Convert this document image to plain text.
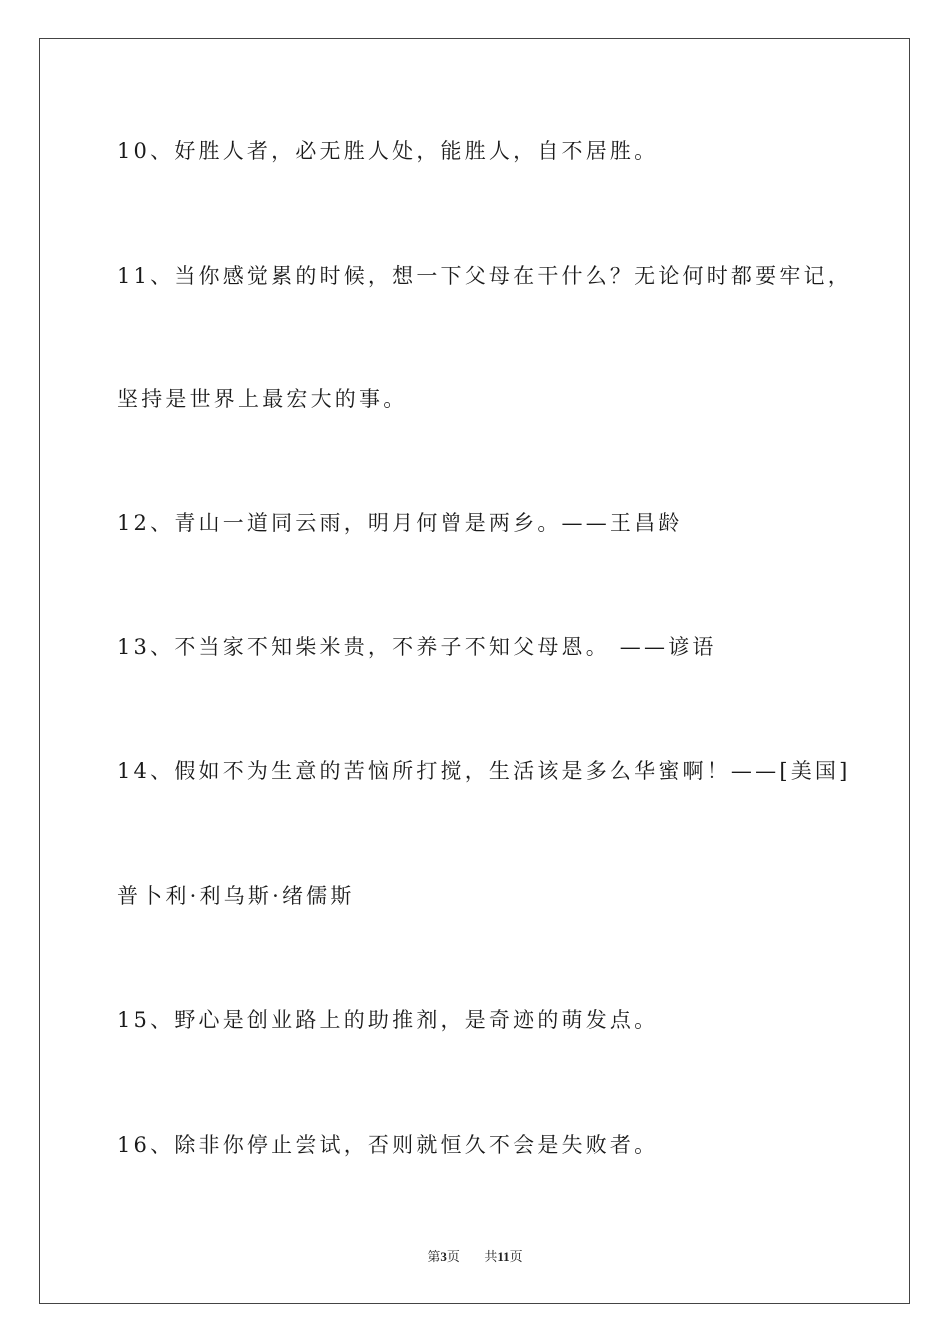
10、好胜人者，必无胜人处，能胜人，自不居胜。
11、当你感觉累的时候，想一下父母在干什么？无论何时都要牢记，
坚持是世界上最宏大的事。
12、青山一道同云雨，明月何曾是两乡。——王昌龄
13、不当家不知柴米贵，不养子不知父母恩。 ——谚语
14、假如不为生意的苦恼所打搅，生活该是多么华蜜啊！——[美国]
普卜利·利乌斯·绪儒斯
15、野心是创业路上的助推剂，是奇迹的萌发点。
16、除非你停止尝试，否则就恒久不会是失败者。
第3页 共11页
